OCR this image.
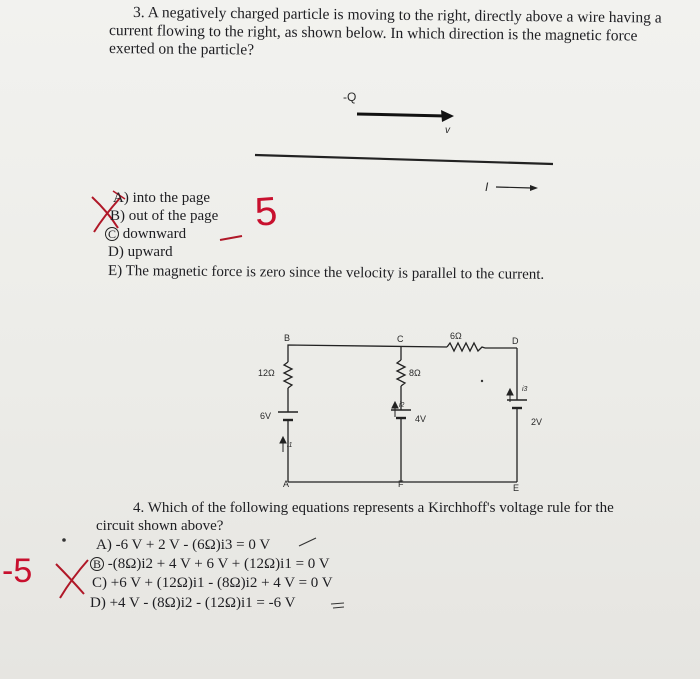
3. A negatively charged particle is moving to the right, directly above a wire having a
current flowing to the right, as shown below. In which direction is the magnetic force
exerted on the particle?
-Q
v
I
A) into the page
B) out of the page
C downward
D) upward
E) The magnetic force is zero since the velocity is parallel to the current.
5
B	C	D
A	F	E
12Ω	8Ω
6Ω
6V	4V	2V
i1
i2
i3
4. Which of the following equations represents a Kirchhoff's voltage rule for the
circuit shown above?
A) -6 V + 2 V - (6Ω)i3 = 0 V
B -(8Ω)i2 + 4 V + 6 V + (12Ω)i1 = 0 V
C) +6 V + (12Ω)i1 - (8Ω)i2 + 4 V = 0 V
D) +4 V - (8Ω)i2 - (12Ω)i1 = -6 V
-5
